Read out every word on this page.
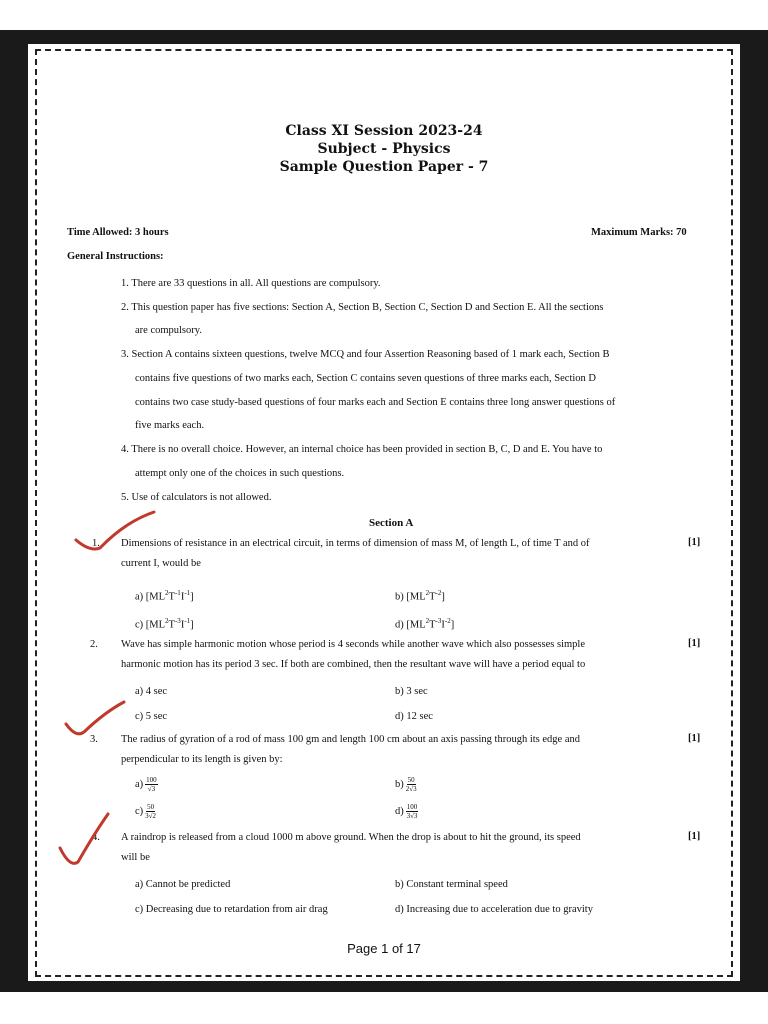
Class XI Session 2023-24
Subject - Physics
Sample Question Paper - 7
Time Allowed: 3 hours	Maximum Marks: 70
General Instructions:
1. There are 33 questions in all. All questions are compulsory.
2. This question paper has five sections: Section A, Section B, Section C, Section D and Section E. All the sections
are compulsory.
3. Section A contains sixteen questions, twelve MCQ and four Assertion Reasoning based of 1 mark each, Section B
contains five questions of two marks each, Section C contains seven questions of three marks each, Section D
contains two case study-based questions of four marks each and Section E contains three long answer questions of
five marks each.
4. There is no overall choice. However, an internal choice has been provided in section B, C, D and E. You have to
attempt only one of the choices in such questions.
5. Use of calculators is not allowed.
Section A
1. Dimensions of resistance in an electrical circuit, in terms of dimension of mass M, of length L, of time T and of
current I, would be
[1]
a) $[ML^2T^{-1}I^{-1}]$	b) $[ML^2T^{-2}]$
c) $[ML^2T^{-3}I^{-1}]$	d) $[ML^2T^{-3}I^{-2}]$
2. Wave has simple harmonic motion whose period is 4 seconds while another wave which also possesses simple
harmonic motion has its period 3 sec. If both are combined, then the resultant wave will have a period equal to
[1]
a) 4 sec	b) 3 sec
c) 5 sec	d) 12 sec
3. The radius of gyration of a rod of mass 100 gm and length 100 cm about an axis passing through its edge and
perpendicular to its length is given by:
[1]
$a) \frac{100}{√3}$	$b) \frac{50}{2√3}$
$c) \frac{50}{3√2}$	$d) \frac{100}{3√3}$
4. A raindrop is released from a cloud 1000 m above ground. When the drop is about to hit the ground, its speed
will be
[1]
a) Cannot be predicted	b) Constant terminal speed
c) Decreasing due to retardation from air drag	d) Increasing due to acceleration due to gravity
Page 1 of 17
